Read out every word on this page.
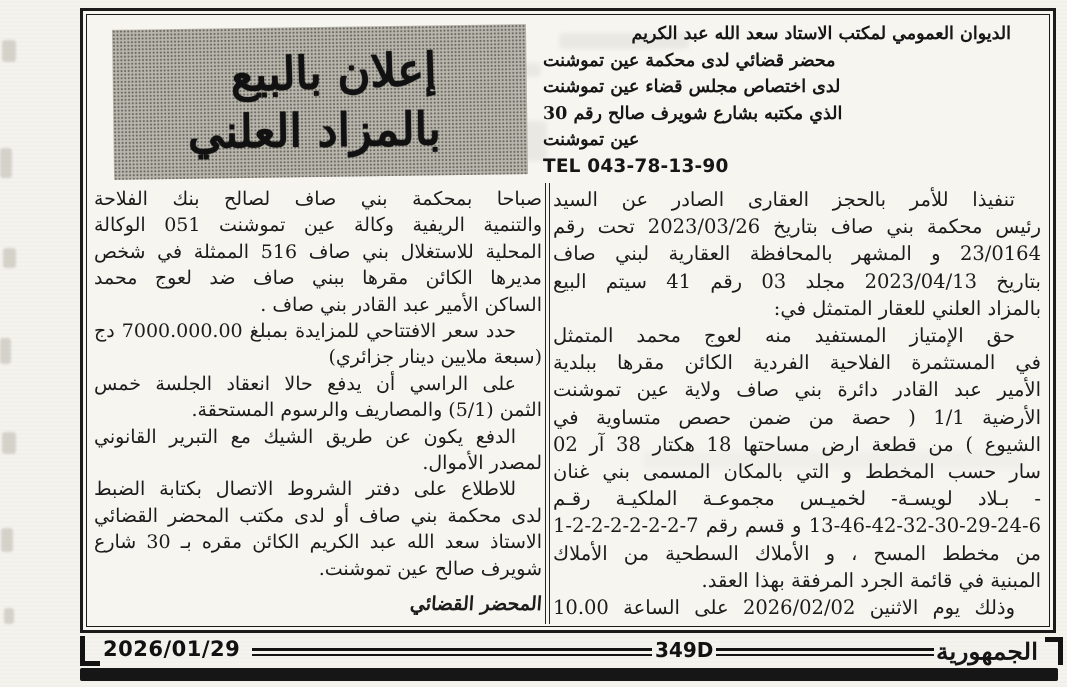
إعلان بالبيع
بالمزاد العلني
الديوان العمومي لمكتب الاستاد سعد الله عبد الكريم
محضر قضائي لدى محكمة عين تموشنت
لدى اختصاص مجلس قضاء عين تموشنت
الذي مكتبه بشارع شويرف صالح رقم 30
عين تموشنت
TEL 043-78-13-90
تنفيذا للأمر بالحجز العقارى الصادر عن السيد
رئيس محكمة بني صاف بتاريخ 2023/03/26 تحت رقم
23/0164 و المشهر بالمحافظة العقارية لبني صاف
بتاريخ 2023/04/13 مجلد 03 رقم 41 سيتم البيع
بالمزاد العلني للعقار المتمثل في:
حق الإمتياز المستفيد منه لعوج محمد المتمثل
في المستثمرة الفلاحية الفردية الكائن مقرها ببلدية
الأمير عبد القادر دائرة بني صاف ولاية عين تموشنت
الأرضية 1/1 ( حصة من ضمن حصص متساوية في
الشيوع ) من قطعة ارض مساحتها 18 هكتار 38 آر 02
سار حسب المخطط و التي بالمكان المسمى بني غنان
- بـلاد لويسـة- لخميـس مجموعـة الملكيـة رقـم
13-46-42-32-30-29-24-6 و قسم رقم 7-2-2-2-2-2-2-1
من مخطط المسح ، و الأملاك السطحية من الأملاك
المبنية في قائمة الجرد المرفقة بهذا العقد.
وذلك يوم الاثنين 2026/02/02 على الساعة 10.00
صباحا بمحكمة بني صاف لصالح بنك الفلاحة
والتنمية الريفية وكالة عين تموشنت 051 الوكالة
المحلية للاستغلال بني صاف 516 الممثلة في شخص
مديرها الكائن مقرها ببني صاف ضد لعوج محمد
الساكن الأمير عبد القادر بني صاف .
حدد سعر الافتتاحي للمزايدة بمبلغ 7000.000.00 دج
(سبعة ملايين دينار جزائري)
على الراسي أن يدفع حالا انعقاد الجلسة خمس
الثمن (5/1) والمصاريف والرسوم المستحقة.
الدفع يكون عن طريق الشيك مع التبرير القانوني
لمصدر الأموال.
للاطلاع على دفتر الشروط الاتصال بكتابة الضبط
لدى محكمة بني صاف أو لدى مكتب المحضر القضائي
الاستاذ سعد الله عبد الكريم الكائن مقره بـ 30 شارع
شويرف صالح عين تموشنت.
المحضر القضائي
2026/01/29	349D	الجمهورية
